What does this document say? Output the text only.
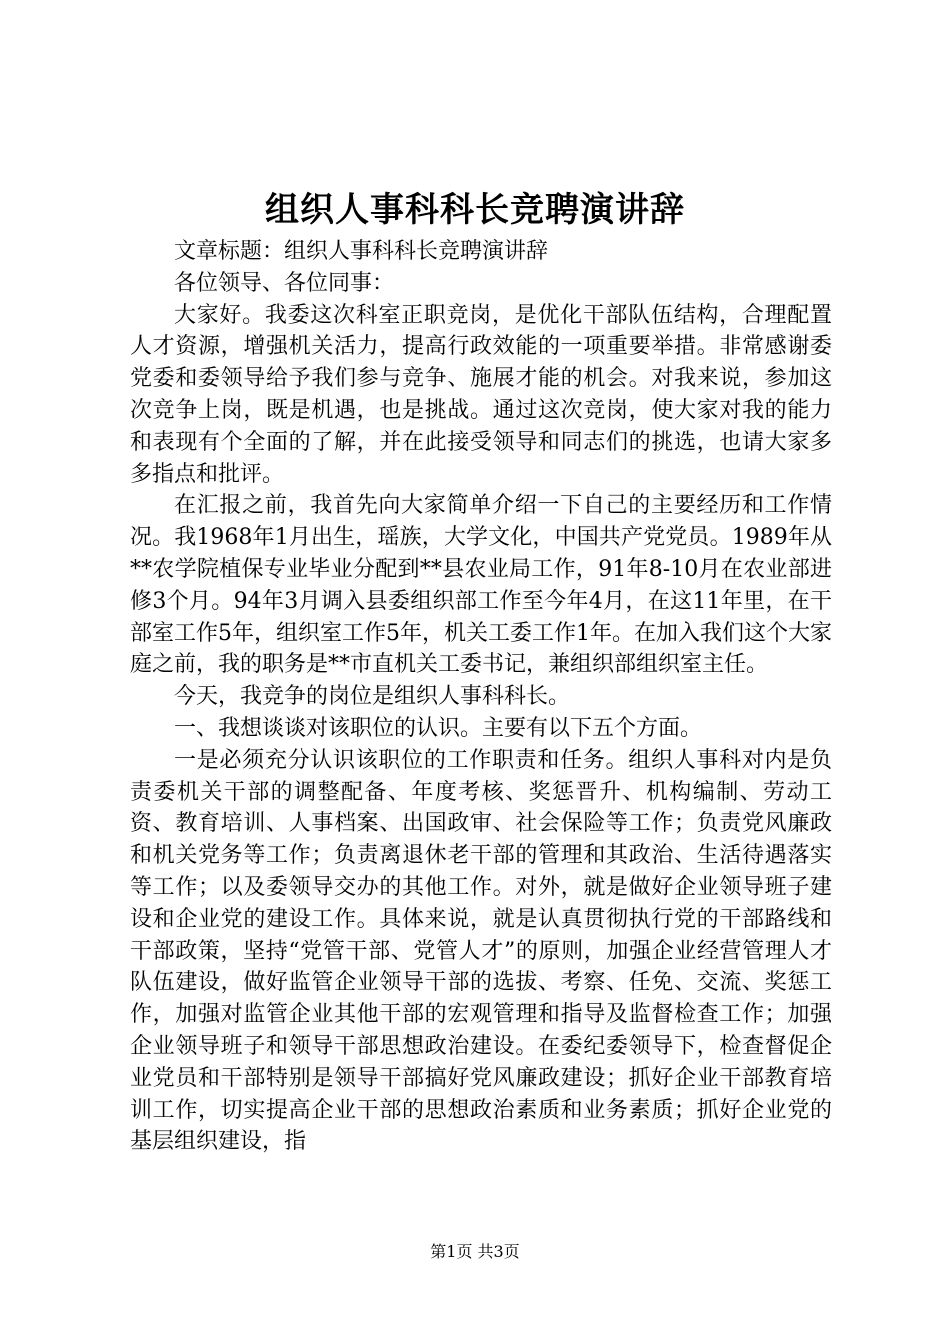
组织人事科科长竞聘演讲辞

文章标题：组织人事科科长竞聘演讲辞

各位领导、各位同事：

大家好。我委这次科室正职竞岗，是优化干部队伍结构，合理配置人才资源，增强机关活力，提高行政效能的一项重要举措。非常感谢委党委和委领导给予我们参与竞争、施展才能的机会。对我来说，参加这次竞争上岗，既是机遇，也是挑战。通过这次竞岗，使大家对我的能力和表现有个全面的了解，并在此接受领导和同志们的挑选，也请大家多多指点和批评。

在汇报之前，我首先向大家简单介绍一下自己的主要经历和工作情况。我1968年1月出生，瑶族，大学文化，中国共产党党员。1989年从**农学院植保专业毕业分配到**县农业局工作，91年8-10月在农业部进修3个月。94年3月调入县委组织部工作至今年4月，在这11年里，在干部室工作5年，组织室工作5年，机关工委工作1年。在加入我们这个大家庭之前，我的职务是**市直机关工委书记，兼组织部组织室主任。

今天，我竞争的岗位是组织人事科科长。

一、我想谈谈对该职位的认识。主要有以下五个方面。

一是必须充分认识该职位的工作职责和任务。组织人事科对内是负责委机关干部的调整配备、年度考核、奖惩晋升、机构编制、劳动工资、教育培训、人事档案、出国政审、社会保险等工作；负责党风廉政和机关党务等工作；负责离退休老干部的管理和其政治、生活待遇落实等工作；以及委领导交办的其他工作。对外，就是做好企业领导班子建设和企业党的建设工作。具体来说，就是认真贯彻执行党的干部路线和干部政策，坚持“党管干部、党管人才”的原则，加强企业经营管理人才队伍建设，做好监管企业领导干部的选拔、考察、任免、交流、奖惩工作，加强对监管企业其他干部的宏观管理和指导及监督检查工作；加强企业领导班子和领导干部思想政治建设。在委纪委领导下，检查督促企业党员和干部特别是领导干部搞好党风廉政建设；抓好企业干部教育培训工作，切实提高企业干部的思想政治素质和业务素质；抓好企业党的基层组织建设，指

第1页 共3页
